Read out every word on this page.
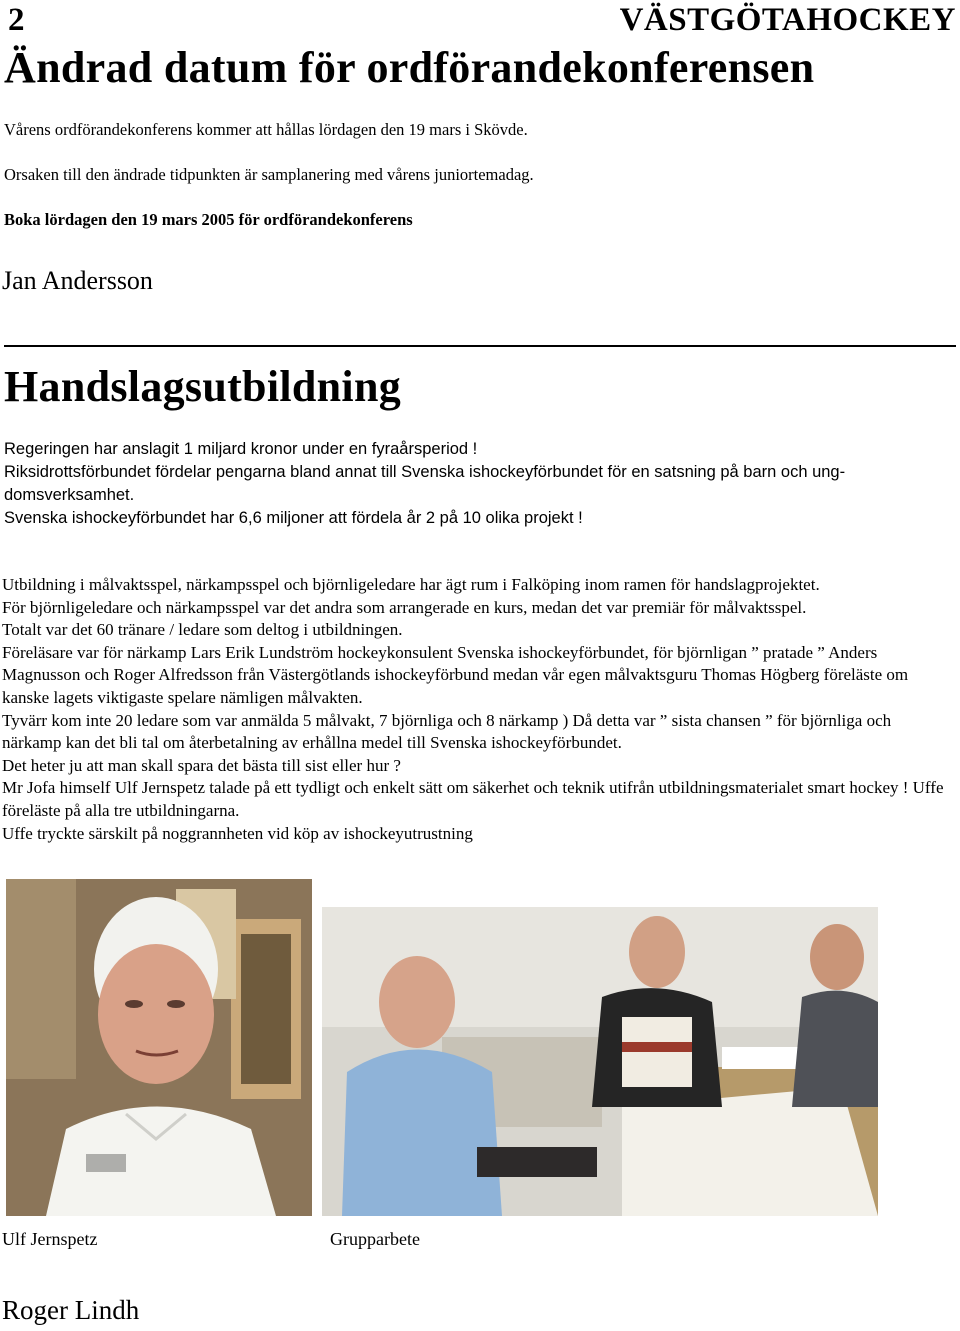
2	VÄSTGÖTAHOCKEY
Ändrad datum för ordförandekonferensen
Vårens ordförandekonferens kommer att hållas lördagen den 19 mars i Skövde.
Orsaken till den ändrade tidpunkten är samplanering med vårens juniortemadag.
Boka lördagen den 19 mars 2005 för ordförandekonferens
Jan Andersson
Handslagsutbildning

Regeringen har anslagit 1 miljard kronor under en fyraårsperiod !

Riksidrottsförbundet fördelar pengarna bland annat till Svenska ishockeyförbundet för en satsning på barn och ung-domsverksamhet.

Svenska ishockeyförbundet har 6,6 miljoner att fördela år 2 på 10 olika projekt !

Utbildning i målvaktsspel, närkampsspel och björnligeledare har ägt rum i Falköping inom ramen för handslagprojektet.

För björnligeledare och närkampsspel var det andra som arrangerade en kurs, medan det var premiär för målvaktsspel.

Totalt var det 60 tränare / ledare som deltog i utbildningen.

Föreläsare var för närkamp Lars Erik Lundström hockeykonsulent Svenska ishockeyförbundet, för björnligan ” pratade ” Anders Magnusson och Roger Alfredsson från Västergötlands ishockeyförbund medan vår egen målvaktsguru Thomas Högberg föreläste om kanske lagets viktigaste spelare nämligen målvakten.

Tyvärr kom inte 20 ledare som var anmälda 5 målvakt, 7 björnliga och 8 närkamp ) Då detta var ” sista chansen ” för björnliga och närkamp kan det bli tal om återbetalning av erhållna medel till Svenska ishockeyförbundet.

Det heter ju att man skall spara det bästa till sist eller hur ?

Mr Jofa himself Ulf Jernspetz talade på ett tydligt och enkelt sätt om säkerhet och teknik utifrån utbildningsmaterialet smart hockey ! Uffe föreläste på alla tre utbildningarna.

Uffe tryckte särskilt på noggrannheten vid köp av ishockeyutrustning

Ulf Jernspetz	Grupparbete
Roger Lindh
